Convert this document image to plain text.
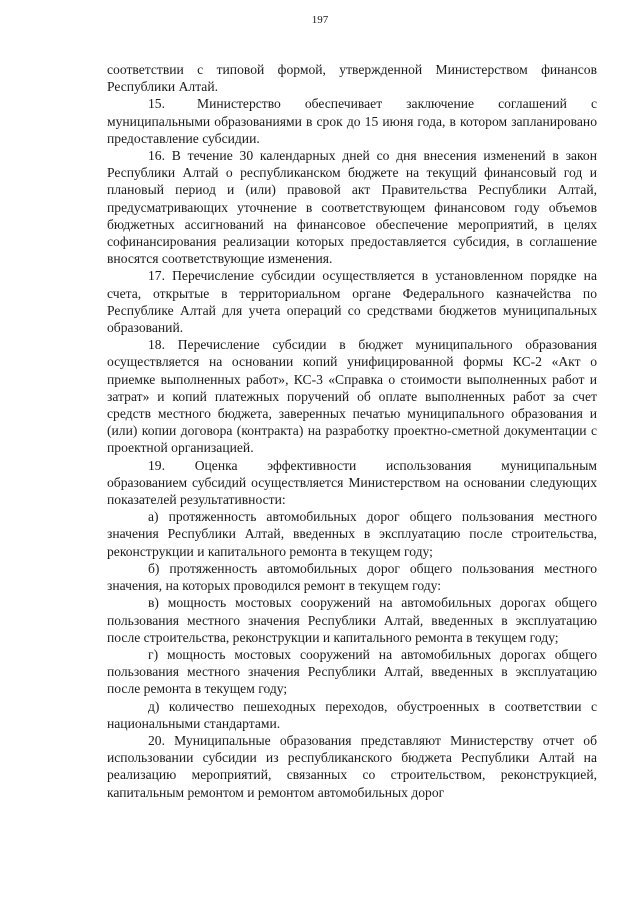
197

соответствии с типовой формой, утвержденной Министерством финансов Республики Алтай.

15.    Министерство   обеспечивает   заключение   соглашений   с муниципальными образованиями в срок до 15 июня года, в котором запланировано предоставление субсидии.

16. В течение 30 календарных дней со дня внесения изменений в закон Республики Алтай о республиканском бюджете на текущий финансовый год и плановый период и (или) правовой акт Правительства Республики Алтай, предусматривающих уточнение в соответствующем финансовом году объемов бюджетных ассигнований на финансовое обеспечение мероприятий, в целях софинансирования реализации которых предоставляется субсидия, в соглашение вносятся соответствующие изменения.

17. Перечисление субсидии осуществляется в установленном порядке на счета, открытые в территориальном органе Федерального казначейства по Республике Алтай для учета операций со средствами бюджетов муниципальных образований.

18. Перечисление субсидии в бюджет муниципального образования осуществляется на основании копий унифицированной формы КС-2 «Акт о приемке выполненных работ», КС-3 «Справка о стоимости выполненных работ и затрат» и копий платежных поручений об оплате выполненных работ за счет средств местного бюджета, заверенных печатью муниципального образования и (или) копии договора (контракта) на разработку проектно-сметной документации с проектной организацией.

19.    Оценка    эффективности    использования    муниципальным образованием субсидий осуществляется Министерством на основании следующих показателей результативности:

а) протяженность автомобильных дорог общего пользования местного значения Республики Алтай, введенных в эксплуатацию после строительства, реконструкции и капитального ремонта в текущем году;

б) протяженность автомобильных дорог общего пользования местного значения, на которых проводился ремонт в текущем году:

в) мощность мостовых сооружений на автомобильных дорогах общего пользования местного значения Республики Алтай, введенных в эксплуатацию после строительства, реконструкции и капитального ремонта в текущем году;

г) мощность мостовых сооружений на автомобильных дорогах общего пользования местного значения Республики Алтай, введенных в эксплуатацию после ремонта в текущем году;

д) количество пешеходных переходов, обустроенных в соответствии с национальными стандартами.

20. Муниципальные образования представляют Министерству отчет об использовании субсидии из республиканского бюджета Республики Алтай на реализацию мероприятий, связанных со строительством, реконструкцией, капитальным ремонтом и ремонтом автомобильных дорог
